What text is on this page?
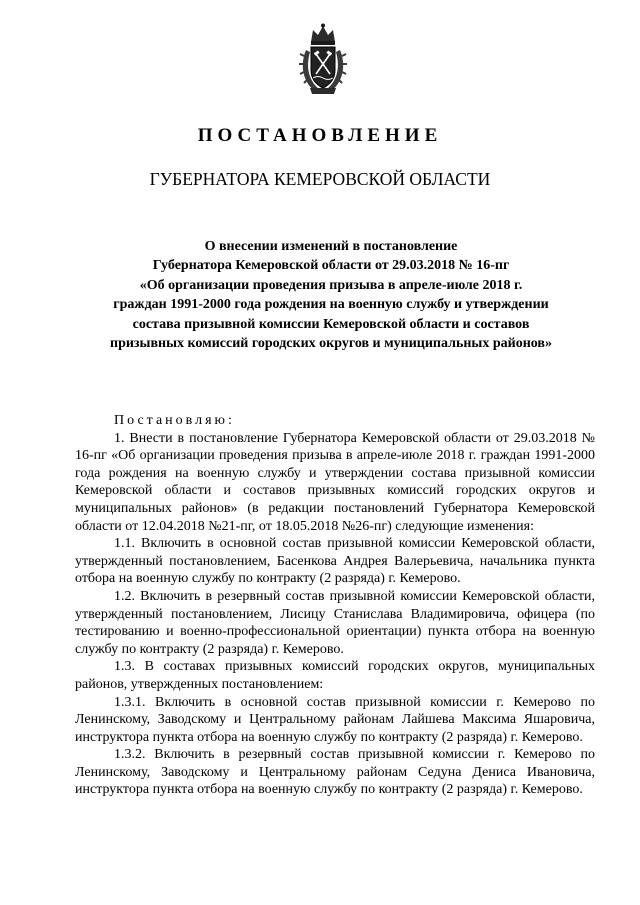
ПОСТАНОВЛЕНИЕ
ГУБЕРНАТОРА КЕМЕРОВСКОЙ ОБЛАСТИ
О внесении изменений в постановление
Губернатора Кемеровской области от 29.03.2018 № 16-пг
«Об организации проведения призыва в апреле-июле 2018 г.
граждан 1991-2000 года рождения на военную службу и утверждении
состава призывной комиссии Кемеровской области и составов
призывных комиссий городских округов и муниципальных районов»

Постановляю:

1. Внести в постановление Губернатора Кемеровской области от 29.03.2018 № 16-пг «Об организации проведения призыва в апреле-июле 2018 г. граждан 1991-2000 года рождения на военную службу и утверждении состава призывной комиссии Кемеровской области и составов призывных комиссий городских округов и муниципальных районов» (в редакции постановлений Губернатора Кемеровской области от 12.04.2018 №21-пг, от 18.05.2018 №26-пг) следующие изменения:

1.1. Включить в основной состав призывной комиссии Кемеровской области, утвержденный постановлением, Басенкова Андрея Валерьевича, начальника пункта отбора на военную службу по контракту (2 разряда) г. Кемерово.

1.2. Включить в резервный состав призывной комиссии Кемеровской области, утвержденный постановлением, Лисицу Станислава Владимировича, офицера (по тестированию и военно-профессиональной ориентации) пункта отбора на военную службу по контракту (2 разряда) г. Кемерово.

1.3. В составах призывных комиссий городских округов, муниципальных районов, утвержденных постановлением:

1.3.1. Включить в основной состав призывной комиссии г. Кемерово по Ленинскому, Заводскому и Центральному районам Лайшева Максима Яшаровича, инструктора пункта отбора на военную службу по контракту (2 разряда) г. Кемерово.

1.3.2. Включить в резервный состав призывной комиссии г. Кемерово по Ленинскому, Заводскому и Центральному районам Седуна Дениса Ивановича, инструктора пункта отбора на военную службу по контракту (2 разряда) г. Кемерово.
